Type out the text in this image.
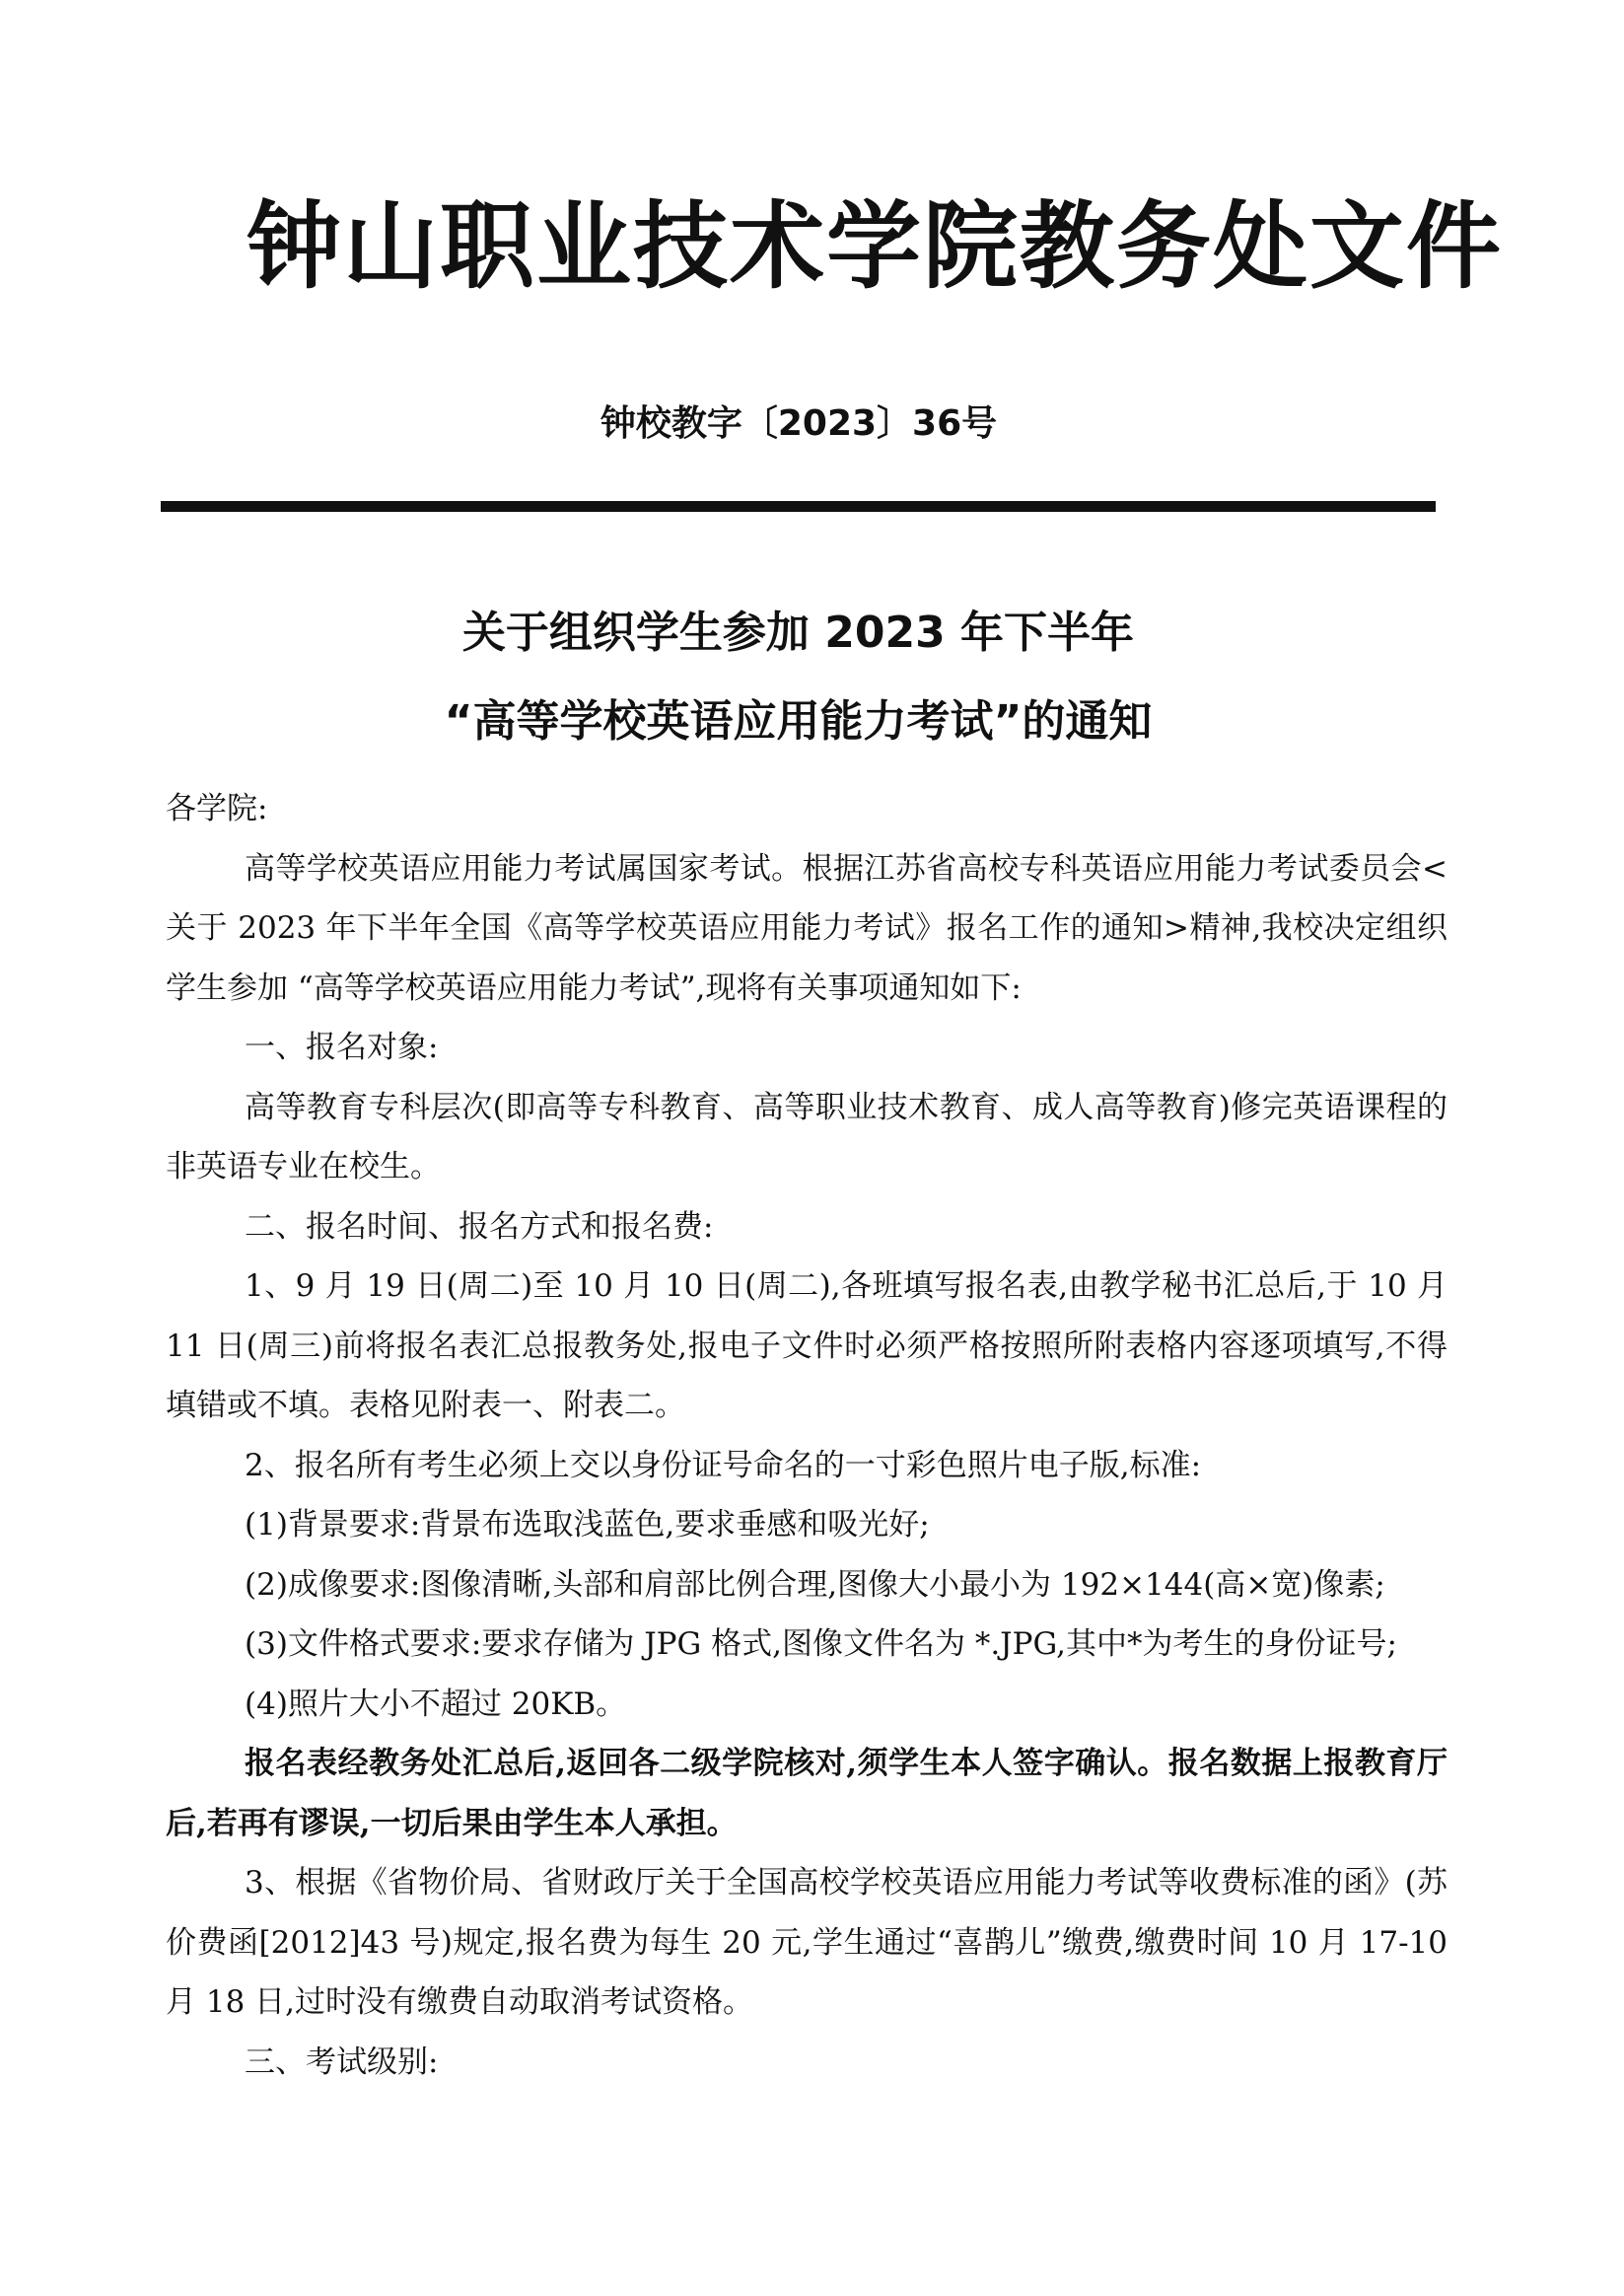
钟山职业技术学院教务处文件
钟校教字〔2023〕36号
关于组织学生参加 2023 年下半年
“高等学校英语应用能力考试”的通知

各学院:

高等学校英语应用能力考试属国家考试。根据江苏省高校专科英语应用能力考试委员会<关于 2023 年下半年全国《高等学校英语应用能力考试》报名工作的通知>精神,我校决定组织学生参加 “高等学校英语应用能力考试”,现将有关事项通知如下:

一、报名对象:

高等教育专科层次(即高等专科教育、高等职业技术教育、成人高等教育)修完英语课程的非英语专业在校生。

二、报名时间、报名方式和报名费:

1、9 月 19 日(周二)至 10 月 10 日(周二),各班填写报名表,由教学秘书汇总后,于 10 月 11 日(周三)前将报名表汇总报教务处,报电子文件时必须严格按照所附表格内容逐项填写,不得填错或不填。表格见附表一、附表二。

2、报名所有考生必须上交以身份证号命名的一寸彩色照片电子版,标准:

(1)背景要求:背景布选取浅蓝色,要求垂感和吸光好;

(2)成像要求:图像清晰,头部和肩部比例合理,图像大小最小为 192×144(高×宽)像素;

(3)文件格式要求:要求存储为 JPG 格式,图像文件名为 *.JPG,其中*为考生的身份证号;

(4)照片大小不超过 20KB。

报名表经教务处汇总后,返回各二级学院核对,须学生本人签字确认。报名数据上报教育厅后,若再有谬误,一切后果由学生本人承担。

3、根据《省物价局、省财政厅关于全国高校学校英语应用能力考试等收费标准的函》(苏价费函[2012]43 号)规定,报名费为每生 20 元,学生通过“喜鹊儿”缴费,缴费时间 10 月 17-10 月 18 日,过时没有缴费自动取消考试资格。

三、考试级别:
